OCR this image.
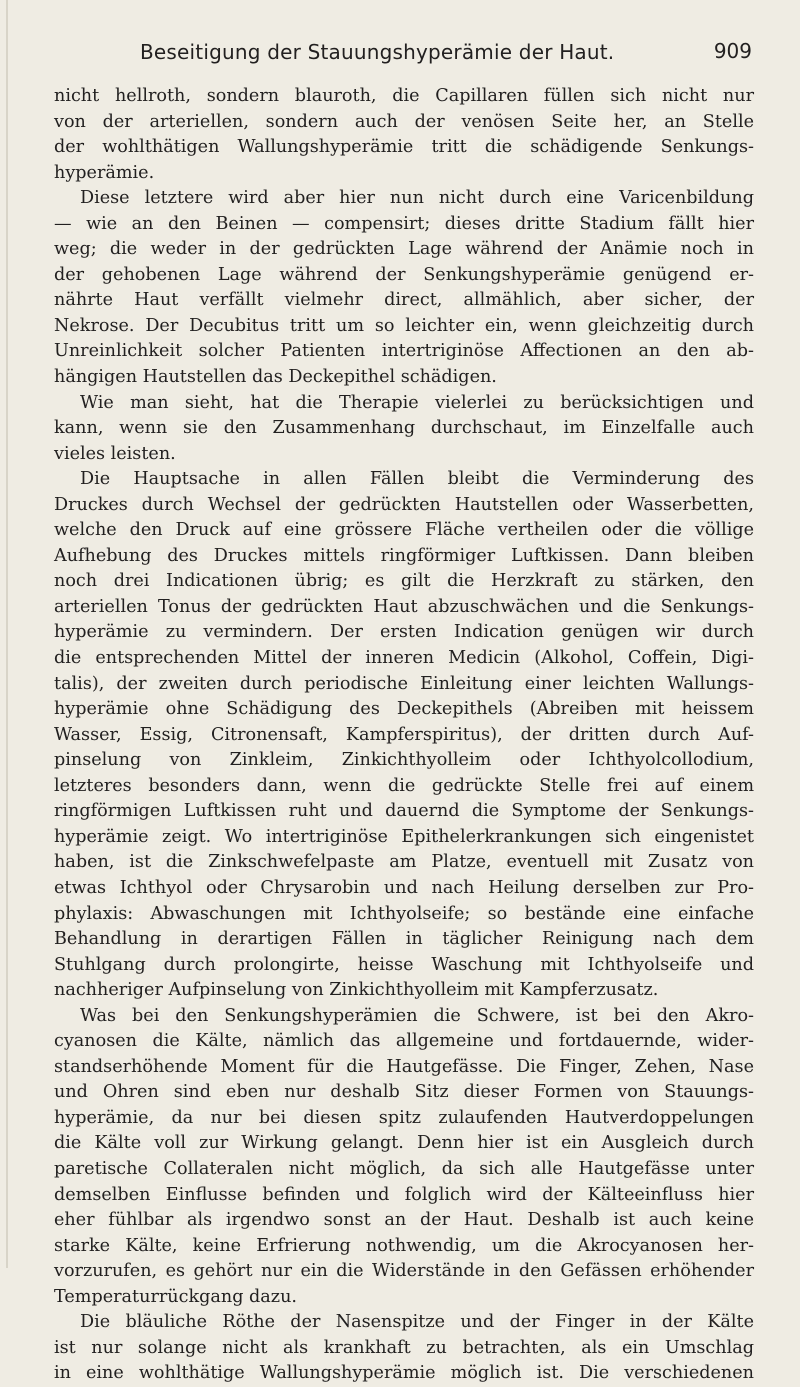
Beseitigung der Stauungshyperämie der Haut.	909
nicht hellroth, sondern blauroth, die Capillaren füllen sich nicht nur
von der arteriellen, sondern auch der venösen Seite her, an Stelle
der wohlthätigen Wallungshyperämie tritt die schädigende Senkungs-
hyperämie.
Diese letztere wird aber hier nun nicht durch eine Varicenbildung
— wie an den Beinen — compensirt; dieses dritte Stadium fällt hier
weg; die weder in der gedrückten Lage während der Anämie noch in
der gehobenen Lage während der Senkungshyperämie genügend er-
nährte Haut verfällt vielmehr direct, allmählich, aber sicher, der
Nekrose. Der Decubitus tritt um so leichter ein, wenn gleichzeitig durch
Unreinlichkeit solcher Patienten intertriginöse Affectionen an den ab-
hängigen Hautstellen das Deckepithel schädigen.
Wie man sieht, hat die Therapie vielerlei zu berücksichtigen und
kann, wenn sie den Zusammenhang durchschaut, im Einzelfalle auch
vieles leisten.
Die Hauptsache in allen Fällen bleibt die Verminderung des
Druckes durch Wechsel der gedrückten Hautstellen oder Wasserbetten,
welche den Druck auf eine grössere Fläche vertheilen oder die völlige
Aufhebung des Druckes mittels ringförmiger Luftkissen. Dann bleiben
noch drei Indicationen übrig; es gilt die Herzkraft zu stärken, den
arteriellen Tonus der gedrückten Haut abzuschwächen und die Senkungs-
hyperämie zu vermindern. Der ersten Indication genügen wir durch
die entsprechenden Mittel der inneren Medicin (Alkohol, Coffein, Digi-
talis), der zweiten durch periodische Einleitung einer leichten Wallungs-
hyperämie ohne Schädigung des Deckepithels (Abreiben mit heissem
Wasser, Essig, Citronensaft, Kampferspiritus), der dritten durch Auf-
pinselung von Zinkleim, Zinkichthyolleim oder Ichthyolcollodium,
letzteres besonders dann, wenn die gedrückte Stelle frei auf einem
ringförmigen Luftkissen ruht und dauernd die Symptome der Senkungs-
hyperämie zeigt. Wo intertriginöse Epithelerkrankungen sich eingenistet
haben, ist die Zinkschwefelpaste am Platze, eventuell mit Zusatz von
etwas Ichthyol oder Chrysarobin und nach Heilung derselben zur Pro-
phylaxis: Abwaschungen mit Ichthyolseife; so bestände eine einfache
Behandlung in derartigen Fällen in täglicher Reinigung nach dem
Stuhlgang durch prolongirte, heisse Waschung mit Ichthyolseife und
nachheriger Aufpinselung von Zinkichthyolleim mit Kampferzusatz.
Was bei den Senkungshyperämien die Schwere, ist bei den Akro-
cyanosen die Kälte, nämlich das allgemeine und fortdauernde, wider-
standserhöhende Moment für die Hautgefässe. Die Finger, Zehen, Nase
und Ohren sind eben nur deshalb Sitz dieser Formen von Stauungs-
hyperämie, da nur bei diesen spitz zulaufenden Hautverdoppelungen
die Kälte voll zur Wirkung gelangt. Denn hier ist ein Ausgleich durch
paretische Collateralen nicht möglich, da sich alle Hautgefässe unter
demselben Einflusse befinden und folglich wird der Kälteeinfluss hier
eher fühlbar als irgendwo sonst an der Haut. Deshalb ist auch keine
starke Kälte, keine Erfrierung nothwendig, um die Akrocyanosen her-
vorzurufen, es gehört nur ein die Widerstände in den Gefässen erhöhender
Temperaturrückgang dazu.
Die bläuliche Röthe der Nasenspitze und der Finger in der Kälte
ist nur solange nicht als krankhaft zu betrachten, als ein Umschlag
in eine wohlthätige Wallungshyperämie möglich ist. Die verschiedenen
